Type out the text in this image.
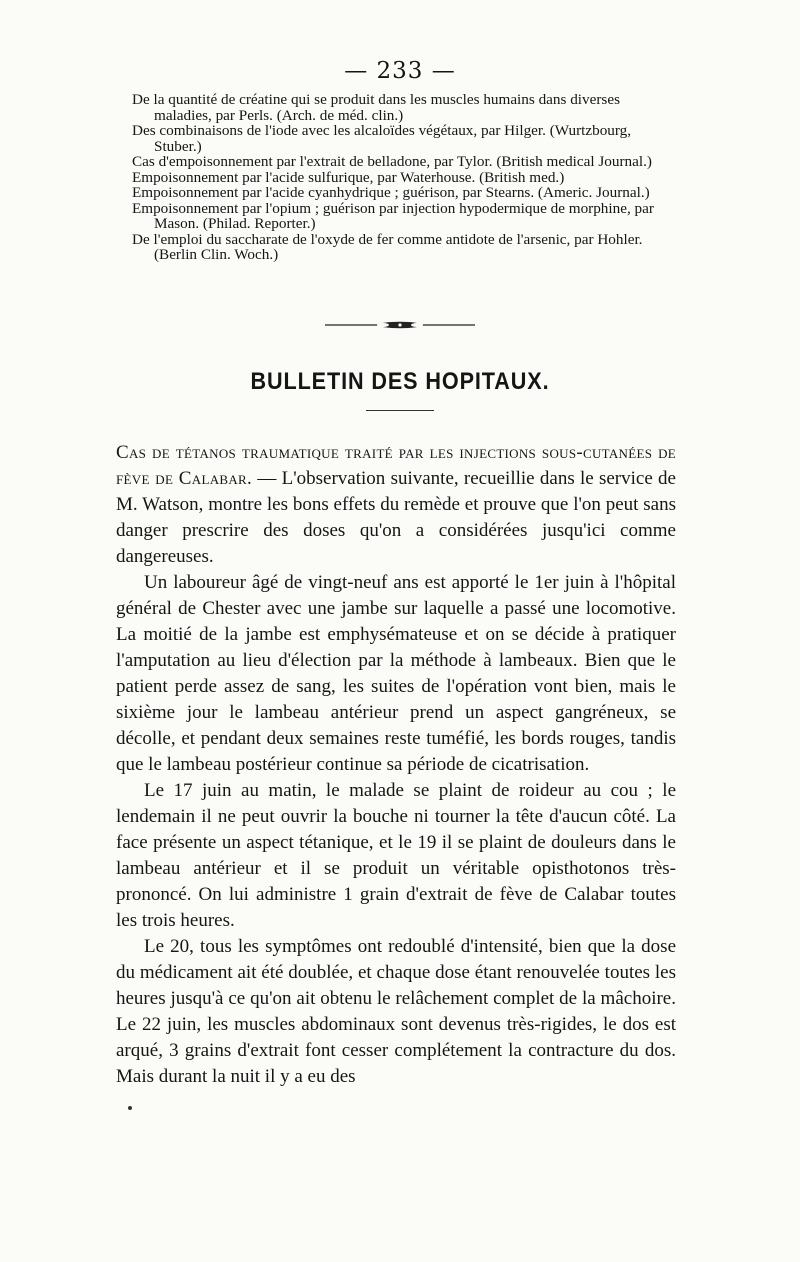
— 233 —

De la quantité de créatine qui se produit dans les muscles humains dans diverses maladies, par Perls. (Arch. de méd. clin.)

Des combinaisons de l'iode avec les alcaloïdes végétaux, par Hilger. (Wurtzbourg, Stuber.)

Cas d'empoisonnement par l'extrait de belladone, par Tylor. (British medical Journal.)

Empoisonnement par l'acide sulfurique, par Waterhouse. (British med.)

Empoisonnement par l'acide cyanhydrique ; guérison, par Stearns. (Americ. Journal.)

Empoisonnement par l'opium ; guérison par injection hypodermique de morphine, par Mason. (Philad. Reporter.)

De l'emploi du saccharate de l'oxyde de fer comme antidote de l'arsenic, par Hohler. (Berlin Clin. Woch.)

BULLETIN DES HOPITAUX.

Cas de tétanos traumatique traité par les injections sous-cutanées de fève de Calabar. — L'observation suivante, recueillie dans le service de M. Watson, montre les bons effets du remède et prouve que l'on peut sans danger prescrire des doses qu'on a considérées jusqu'ici comme dangereuses.

Un laboureur âgé de vingt-neuf ans est apporté le 1er juin à l'hôpital général de Chester avec une jambe sur laquelle a passé une locomotive. La moitié de la jambe est emphysémateuse et on se décide à pratiquer l'amputation au lieu d'élection par la méthode à lambeaux. Bien que le patient perde assez de sang, les suites de l'opération vont bien, mais le sixième jour le lambeau antérieur prend un aspect gangréneux, se décolle, et pendant deux semaines reste tuméfié, les bords rouges, tandis que le lambeau postérieur continue sa période de cicatrisation.

Le 17 juin au matin, le malade se plaint de roideur au cou ; le lendemain il ne peut ouvrir la bouche ni tourner la tête d'aucun côté. La face présente un aspect tétanique, et le 19 il se plaint de douleurs dans le lambeau antérieur et il se produit un véritable opisthotonos très-prononcé. On lui administre 1 grain d'extrait de fève de Calabar toutes les trois heures.

Le 20, tous les symptômes ont redoublé d'intensité, bien que la dose du médicament ait été doublée, et chaque dose étant renouvelée toutes les heures jusqu'à ce qu'on ait obtenu le relâchement complet de la mâchoire. Le 22 juin, les muscles abdominaux sont devenus très-rigides, le dos est arqué, 3 grains d'extrait font cesser complétement la contracture du dos. Mais durant la nuit il y a eu des
